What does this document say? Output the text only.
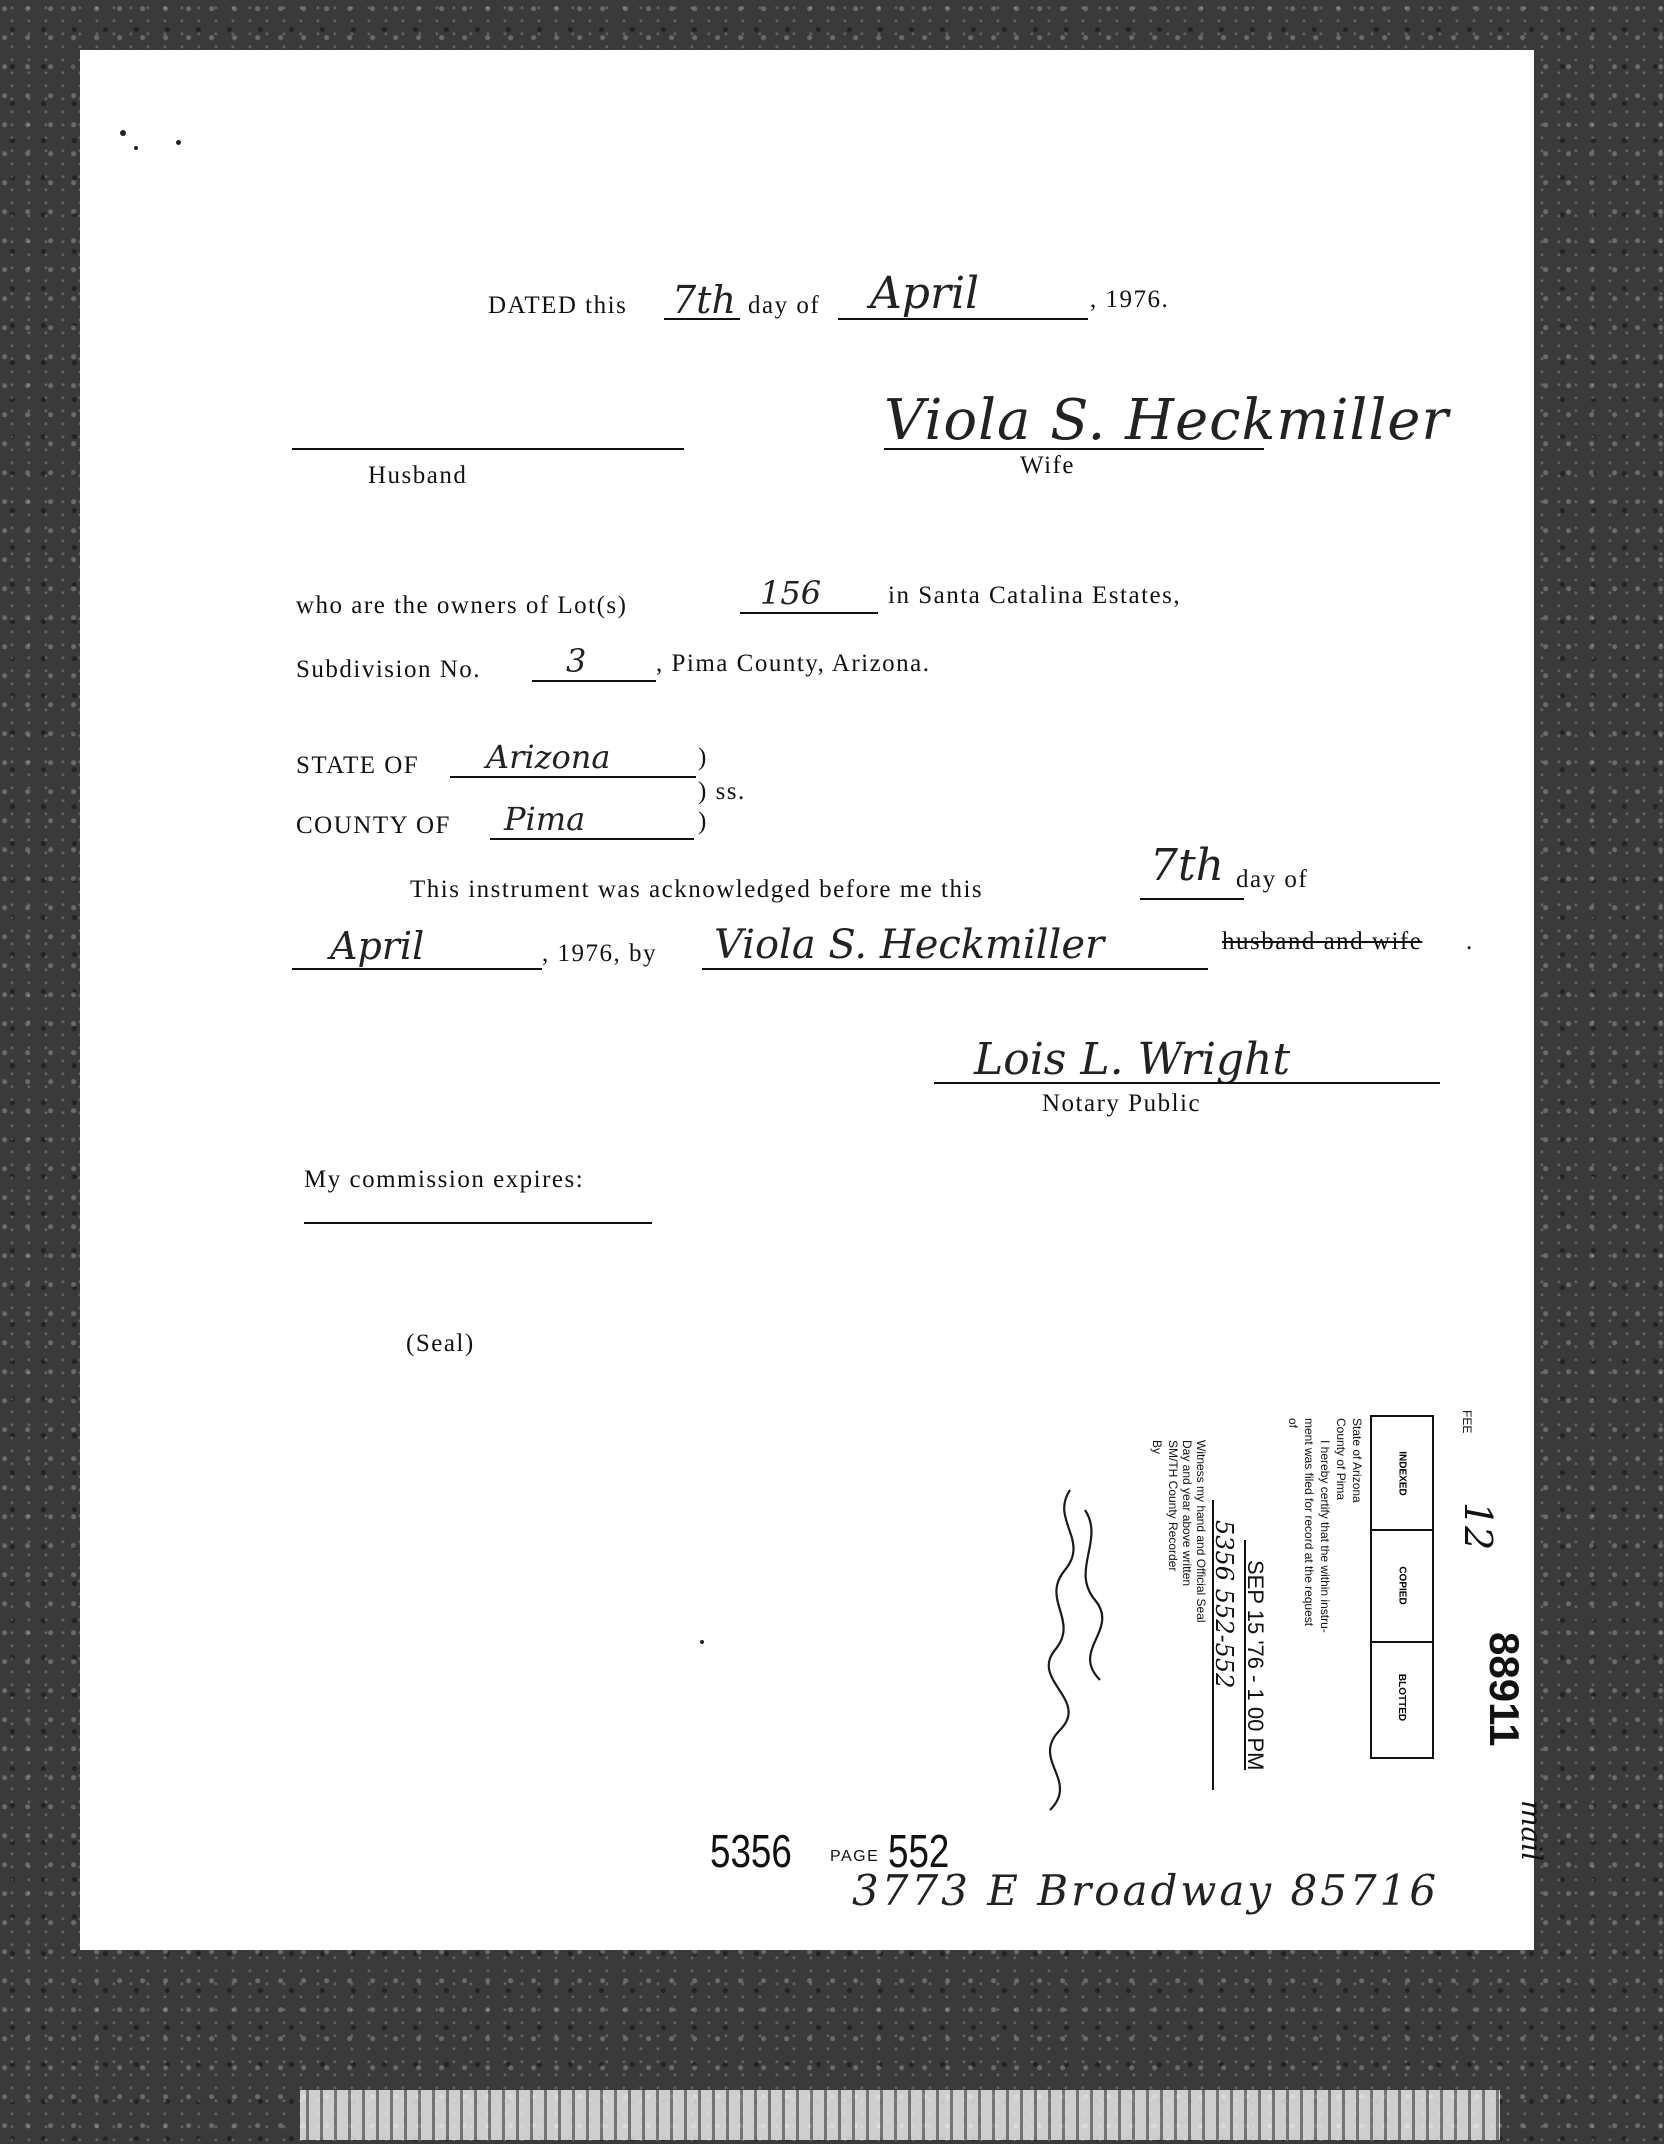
DATED this 7th day of April	, 1976.
Husband
Viola S. Heckmiller
Wife
who are the owners of Lot(s)	156	in Santa Catalina Estates,
Subdivision No.	3	, Pima County, Arizona.
STATE OF Arizona	)
) ss.
COUNTY OF Pima	)
This instrument was acknowledged before me this	7th day of
April	, 1976, by Viola S. Heckmiller	husband and wife .
Lois L. Wright
Notary Public
My commission expires:
(Seal)
5356 PAGE 552
3773 E Broadway 85716
INDEXED
COPIED
BLOTTED
FEE
12
88911
mail
State of Arizona
County of Pima
I hereby certify that the within instru-
ment was filed for record at the request
of
SEP 15 '76 - 1 00 PM
5356 552-552
Witness my hand and Official Seal
Day and year above written
SM/TH County Recorder
By
